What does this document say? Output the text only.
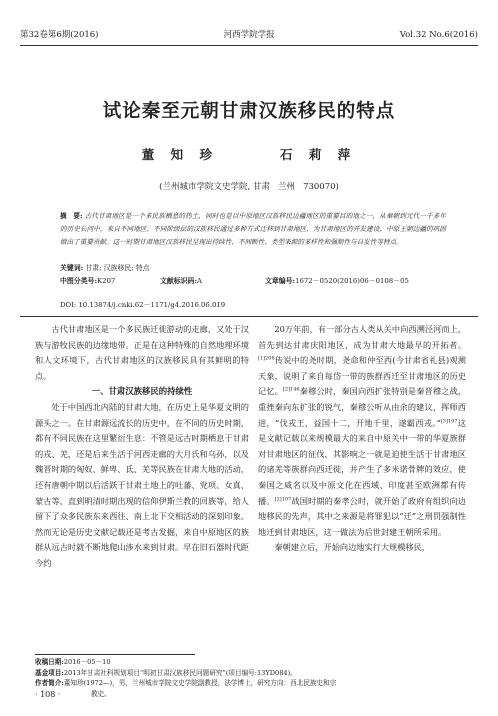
第32卷第6期(2016)	河西学院学报	Vol.32 No.6(2016)
试论秦至元朝甘肃汉族移民的特点
董 知 珍      石 莉 萍
(兰州城市学院文史学院, 甘肃   兰州   730070)
摘　要: 古代甘肃地区是一个多民族栖息的热土，同时也是以中原地区汉族移民边疆地区的重要目的地之一，从秦朝到元代一千多年的历史长河中，来自不同地区、不同阶级层的汉族移民通过多种方式迁移到甘肃地区，为甘肃地区的开发建设、中原王朝边疆的巩固做出了重要贡献。这一时期甘肃地区汉族移民呈现出持续性、不间断性、类型来源的多样性和强制性与自发性等特点。
关键词: 甘肃; 汉族移民; 特点
中图分类号:K207	文献标识码:A	文章编号:1672－0520(2016)06－0108－05
DOI: 10.13874/j.cnki.62－1171/g4.2016.06.019

古代甘肃地区是一个多民族迁徙游动的走廊，又处于汉族与游牧民族的边缘地带。正是在这种特殊的自然地理环境和人文环境下，古代甘肃地区的汉族移民具有其鲜明的特点。

一、甘肃汉族移民的持续性

处于中国西北内陆的甘肃大地，在历史上是华夏文明的源头之一。在甘肃源远流长的历史中，在不同的历史时期，都有不同民族在这里繁衍生息：不管是远古时期栖息于甘肃的戎、羌，还是后来生活于河西走廊的大月氏和乌孙，以及魏晋时期的匈奴、鲜卑、氐、羌等民族在甘肃大地的活动，还有唐朝中期以后活跃于甘肃土地上的吐蕃、党项、女真、蒙古等，直到明清时期出现的信仰伊斯兰教的回族等，给人留下了众多民族东来西往、南上北下交相活动的深刻印象。然而无论是历史文献记载还是考古发掘，来自中原地区的族群从远古时就不断地爬山涉水来到甘肃。早在旧石器时代距今约

20万年前，有一部分古人类从关中向西溯泾河而上，首先到达甘肃庆阳地区，成为甘肃大地最早的开拓者。$^{[1]208}$传说中的尧时期，尧命和仲至西(今甘肃省礼县)观测天象，说明了来自每岱一带的族群西迁至甘肃地区的历史记忆。$^{[2]146}$秦穆公时，秦国向西扩张特别是秦晋穆之战，重挫秦向东扩张的锐气，秦穆公听从由余的建议，挥师西进，“伐戎王，益国十二，开地千里，遂霸西戎。”$^{[3]197}$这是文献记载以来规模最大的来自中原关中一带的华夏族群对甘肃地区的征伐，其影响之一就是迫使生活于甘肃地区的诸羌等族群向西迁徙，并产生了多米诺骨牌的效应，使秦国之威名以及中原文化在西域、印度甚至欧洲都有传播。$^{[2]107}$战国时期的秦孝公时，就开始了政府有组织向边地移民的先声，其中之来源是将罪犯以“迁”之刑罚强制性地迁到甘肃地区，这一做法为后世封建王朝所采用。

秦朝建立后，开始向边地实行大规模移民，

收稿日期:2016－05－10
基金项目:2013年甘肃社科规划项目“明初甘肃汉族移民问题研究”(项目编号:13YD084)。
作者简介:董知珍(1972—)，男，兰州城市学院文史学院副教授，法学博士，研究方向：西北民族史和宗
教史。
· 108 ·
